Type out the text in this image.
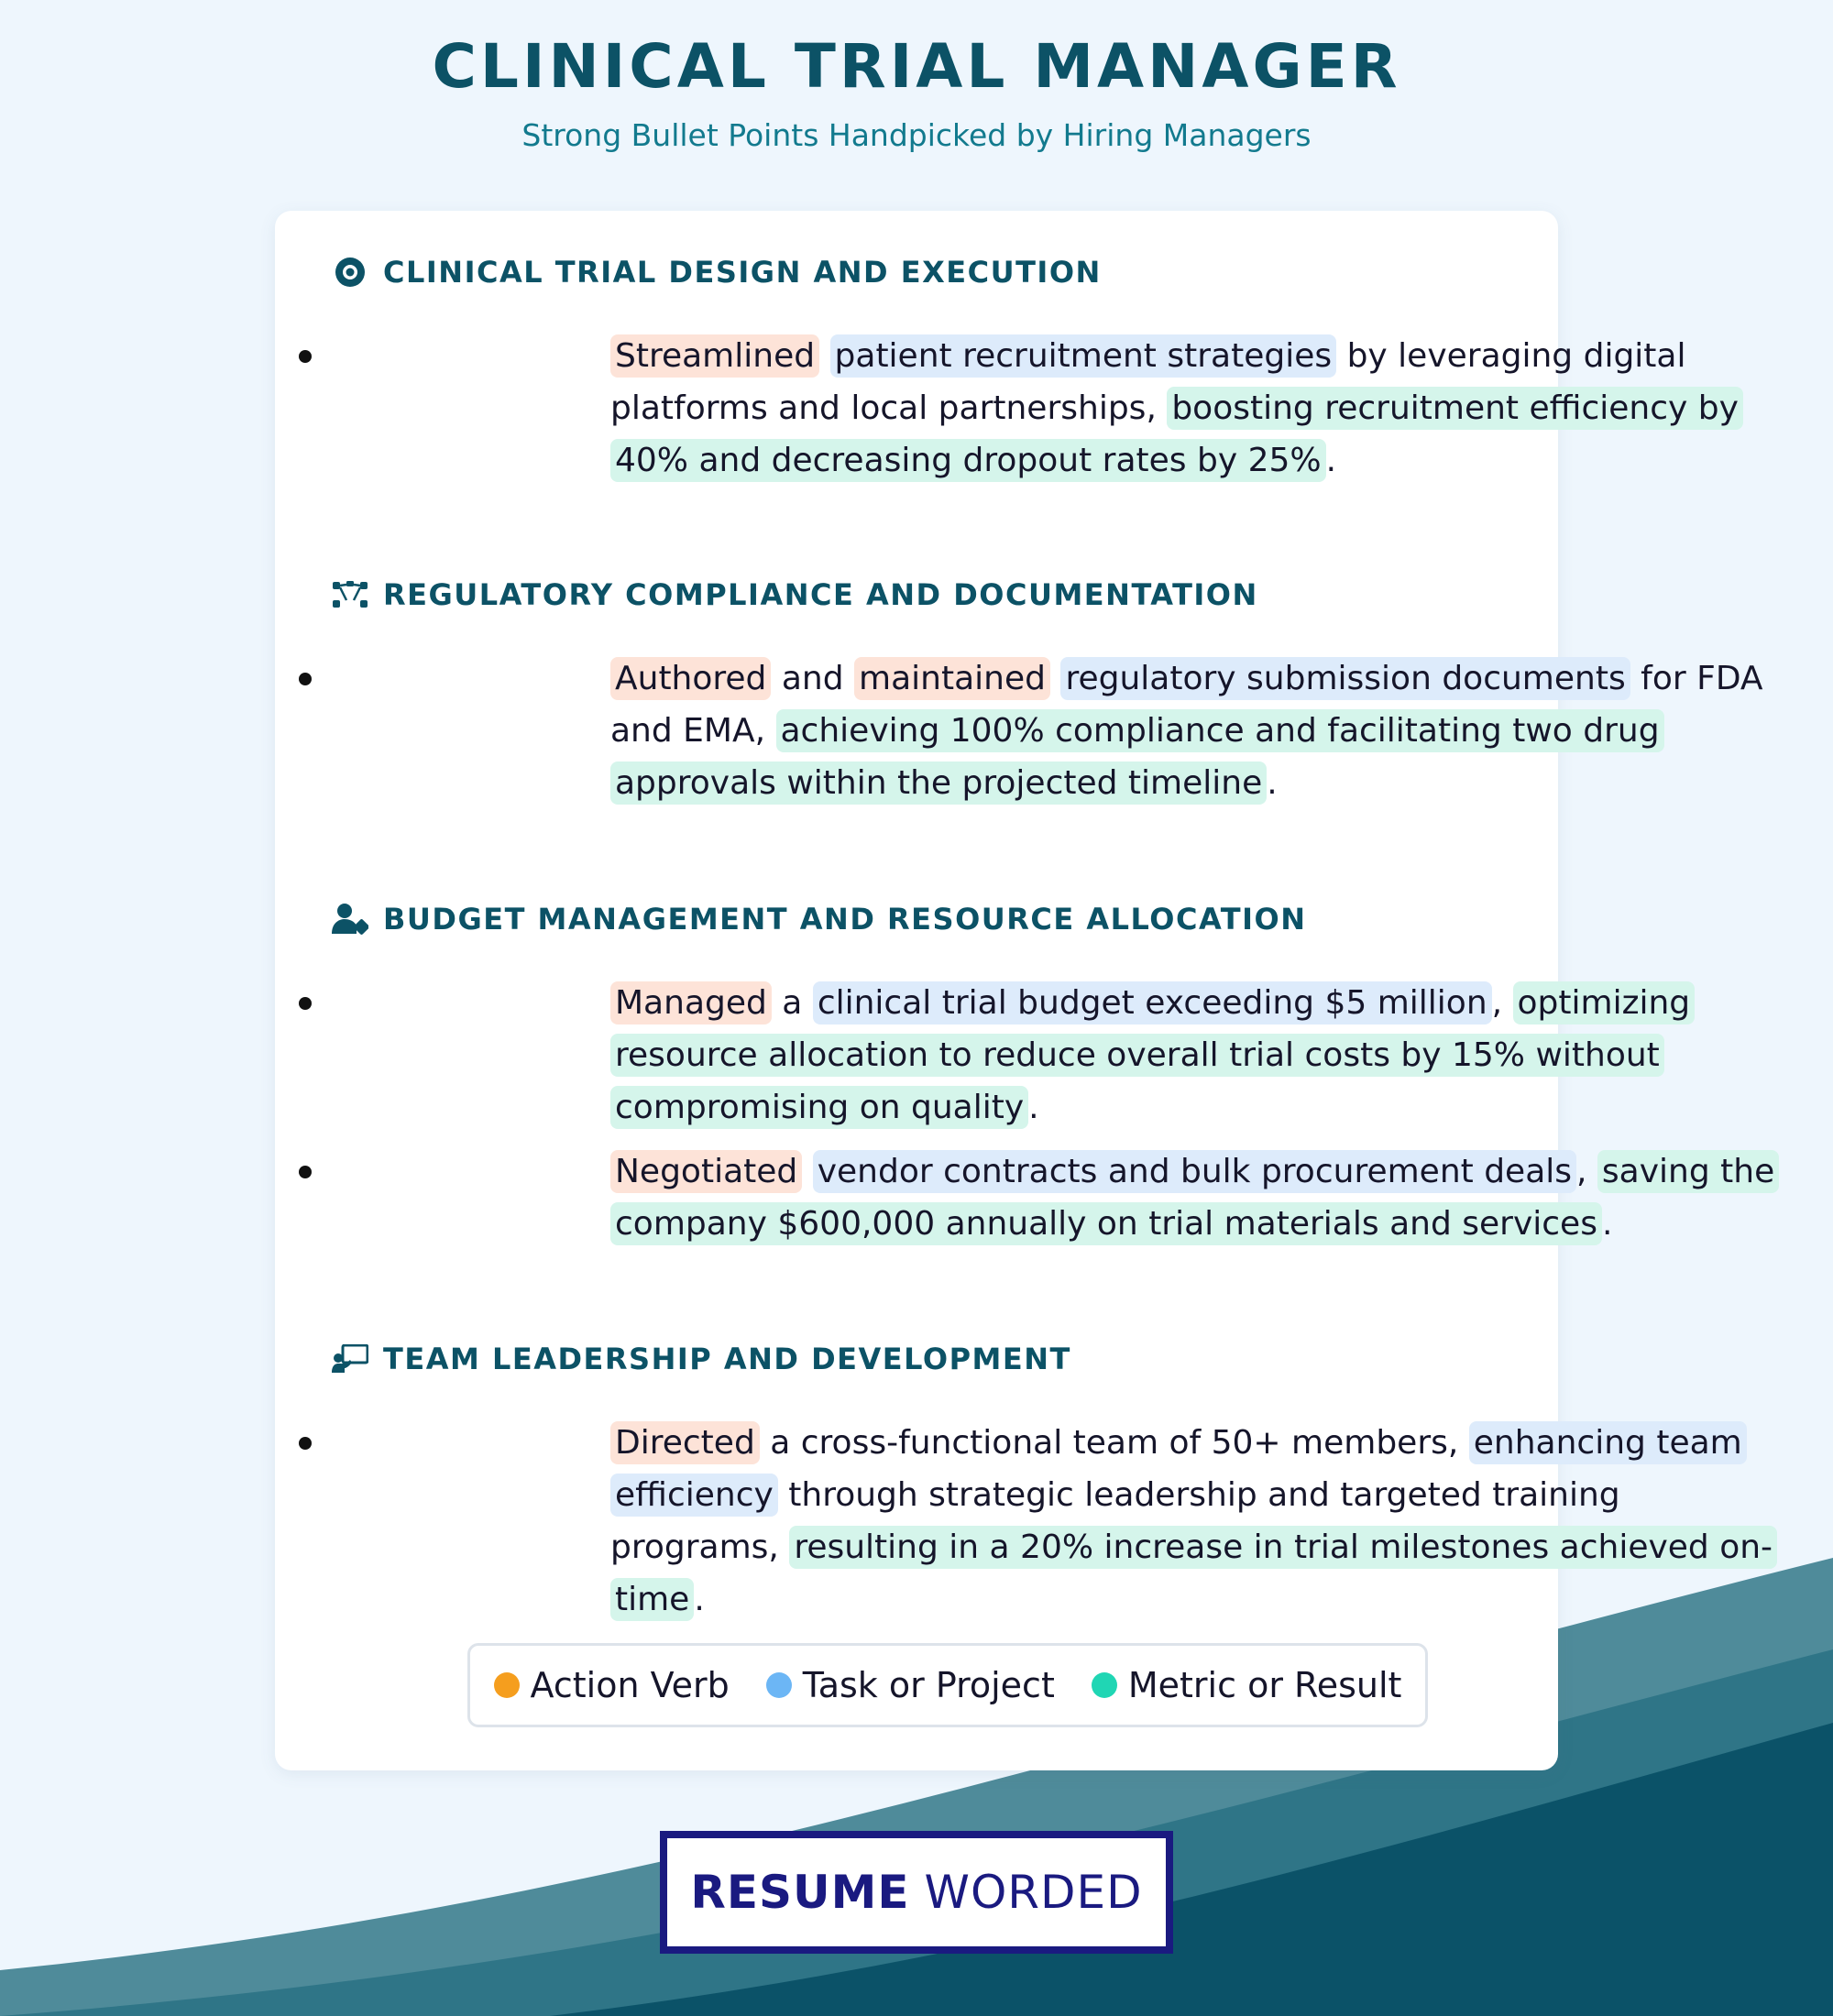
CLINICAL TRIAL MANAGER
Strong Bullet Points Handpicked by Hiring Managers
CLINICAL TRIAL DESIGN AND EXECUTION
Streamlined patient recruitment strategies by leveraging digital platforms and local partnerships, boosting recruitment efficiency by 40% and decreasing dropout rates by 25% .
REGULATORY COMPLIANCE AND DOCUMENTATION
Authored and maintained regulatory submission documents for FDA and EMA, achieving 100% compliance and facilitating two drug approvals within the projected timeline .
BUDGET MANAGEMENT AND RESOURCE ALLOCATION
Managed a clinical trial budget exceeding $5 million , optimizing resource allocation to reduce overall trial costs by 15% without compromising on quality .
Negotiated vendor contracts and bulk procurement deals , saving the company $600,000 annually on trial materials and services .
TEAM LEADERSHIP AND DEVELOPMENT
Directed a cross-functional team of 50+ members, enhancing team efficiency through strategic leadership and targeted training programs, resulting in a 20% increase in trial milestones achieved on-time .
Action Verb Task or Project Metric or Result
RESUME WORDED
